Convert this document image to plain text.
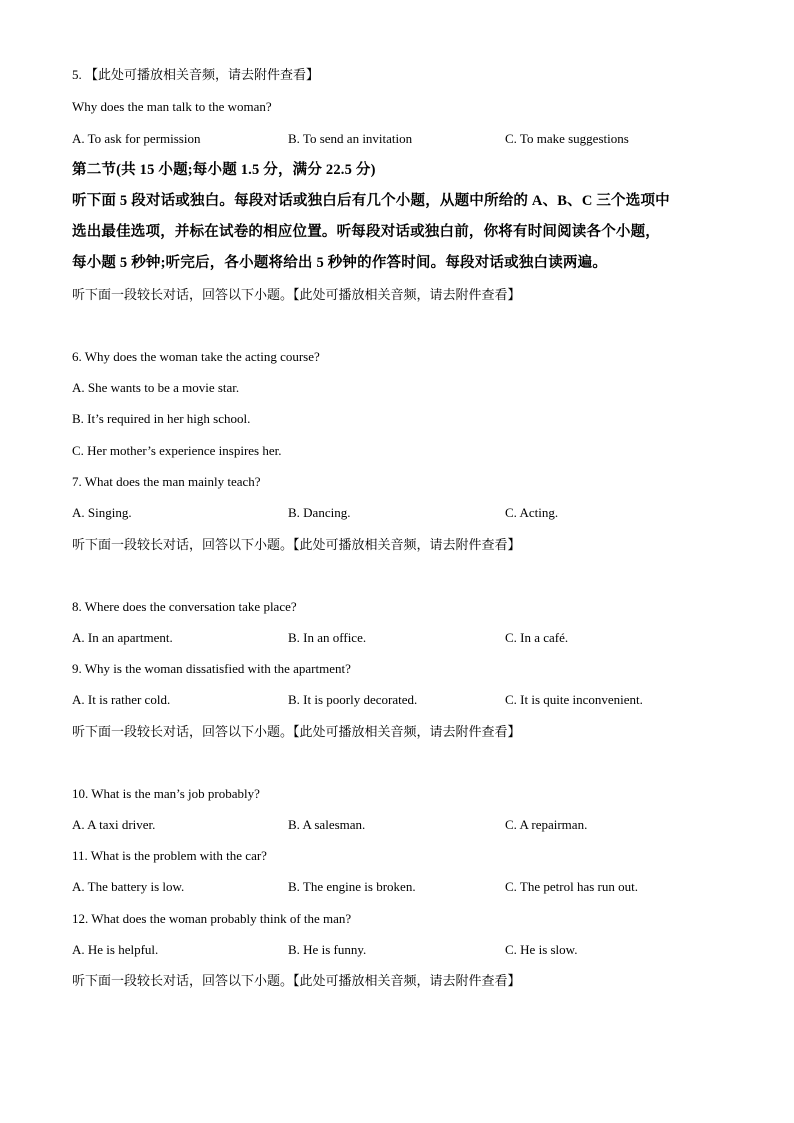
5. 【此处可播放相关音频，请去附件查看】
Why does the man talk to the woman?
A. To ask for permission	B. To send an invitation	C. To make suggestions
第二节(共 15 小题;每小题 1.5 分，满分 22.5 分)
听下面 5 段对话或独白。每段对话或独白后有几个小题，从题中所给的 A、B、C 三个选项中
选出最佳选项，并标在试卷的相应位置。听每段对话或独白前，你将有时间阅读各个小题，
每小题 5 秒钟;听完后，各小题将给出 5 秒钟的作答时间。每段对话或独白读两遍。
听下面一段较长对话，回答以下小题。【此处可播放相关音频，请去附件查看】
6. Why does the woman take the acting course?
A. She wants to be a movie star.
B. It’s required in her high school.
C. Her mother’s experience inspires her.
7. What does the man mainly teach?
A. Singing.	B. Dancing.	C. Acting.
听下面一段较长对话，回答以下小题。【此处可播放相关音频，请去附件查看】
8. Where does the conversation take place?
A. In an apartment.	B. In an office.	C. In a café.
9. Why is the woman dissatisfied with the apartment?
A. It is rather cold.	B. It is poorly decorated.	C. It is quite inconvenient.
听下面一段较长对话，回答以下小题。【此处可播放相关音频，请去附件查看】
10. What is the man’s job probably?
A. A taxi driver.	B. A salesman.	C. A repairman.
11. What is the problem with the car?
A. The battery is low.	B. The engine is broken.	C. The petrol has run out.
12. What does the woman probably think of the man?
A. He is helpful.	B. He is funny.	C. He is slow.
听下面一段较长对话，回答以下小题。【此处可播放相关音频，请去附件查看】
